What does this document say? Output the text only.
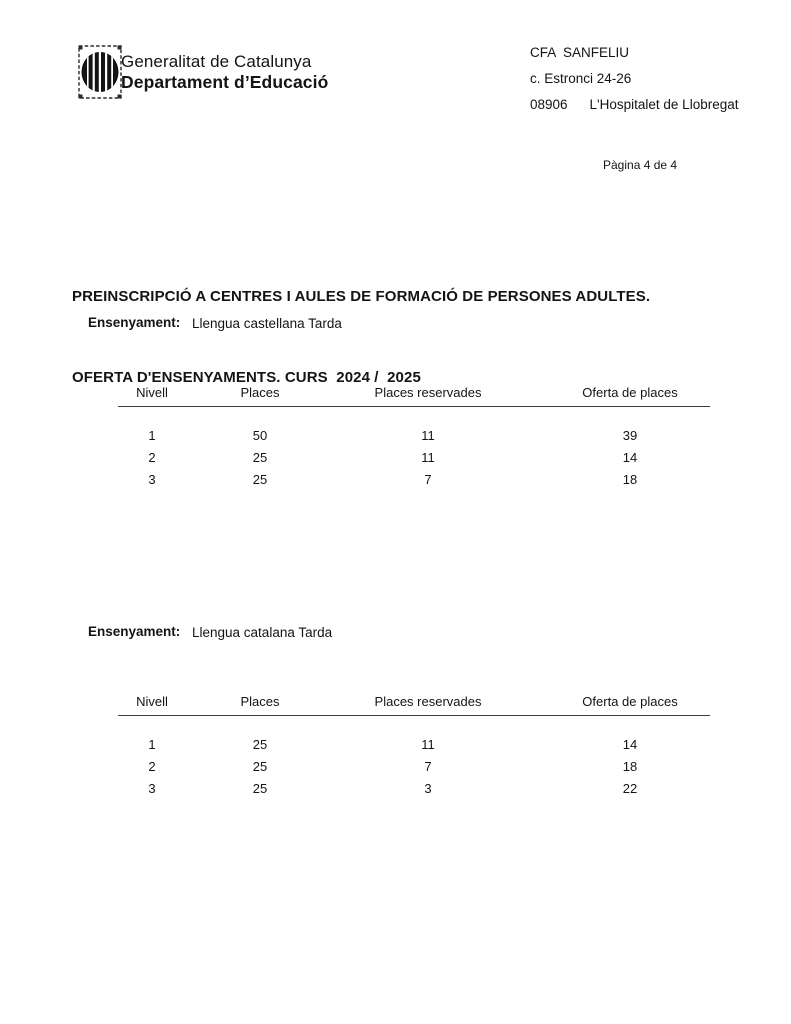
Generalitat de Catalunya
Departament d’Educació
CFA  SANFELIU
c. Estronci 24-26
08906 L'Hospitalet de Llobregat
Pàgina 4 de 4

PREINSCRIPCIÓ A CENTRES I AULES DE FORMACIÓ DE PERSONES ADULTES.

OFERTA D'ENSENYAMENTS. CURS  2024 /  2025

Ensenyament: Llengua castellana Tarda
Nivell	Places	Places reservades	Oferta de places
1	50	11	39
2	25	11	14
3	25	7	18
Ensenyament: Llengua catalana Tarda
Nivell	Places	Places reservades	Oferta de places
1	25	11	14
2	25	7	18
3	25	3	22
